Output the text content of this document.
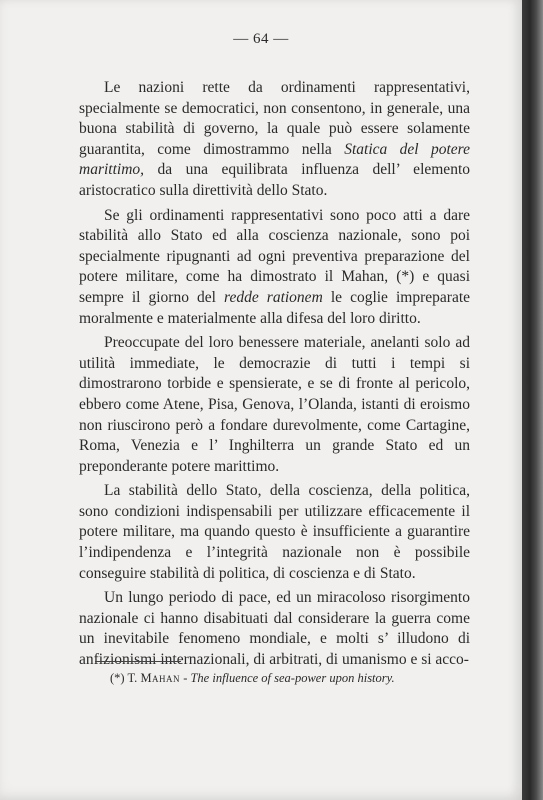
— 64 —

Le nazioni rette da ordinamenti rappresentativi, specialmente se democratici, non consentono, in generale, una buona stabilità di governo, la quale può essere solamente guarantita, come dimostrammo nella Statica del potere marittimo, da una equilibrata influenza dell’ elemento aristocratico sulla direttività dello Stato.

Se gli ordinamenti rappresentativi sono poco atti a dare stabilità allo Stato ed alla coscienza nazionale, sono poi specialmente ripugnanti ad ogni preventiva preparazione del potere militare, come ha dimostrato il Mahan, (*) e quasi sempre il giorno del redde rationem le coglie impreparate moralmente e materialmente alla difesa del loro diritto.

Preoccupate del loro benessere materiale, anelanti solo ad utilità immediate, le democrazie di tutti i tempi si dimostrarono torbide e spensierate, e se di fronte al pericolo, ebbero come Atene, Pisa, Genova, l’Olanda, istanti di eroismo non riuscirono però a fondare durevolmente, come Cartagine, Roma, Venezia e l’ Inghilterra un grande Stato ed un preponderante potere marittimo.

La stabilità dello Stato, della coscienza, della politica, sono condizioni indispensabili per utilizzare efficacemente il potere militare, ma quando questo è insufficiente a guarantire l’indipendenza e l’integrità nazionale non è possibile conseguire stabilità di politica, di coscienza e di Stato.

Un lungo periodo di pace, ed un miracoloso risorgimento nazionale ci hanno disabituati dal considerare la guerra come un inevitabile fenomeno mondiale, e molti s’ illudono di anfizionismi internazionali, di arbitrati, di umanismo e si acco-

(*) T. Mahan - The influence of sea-power upon history.
